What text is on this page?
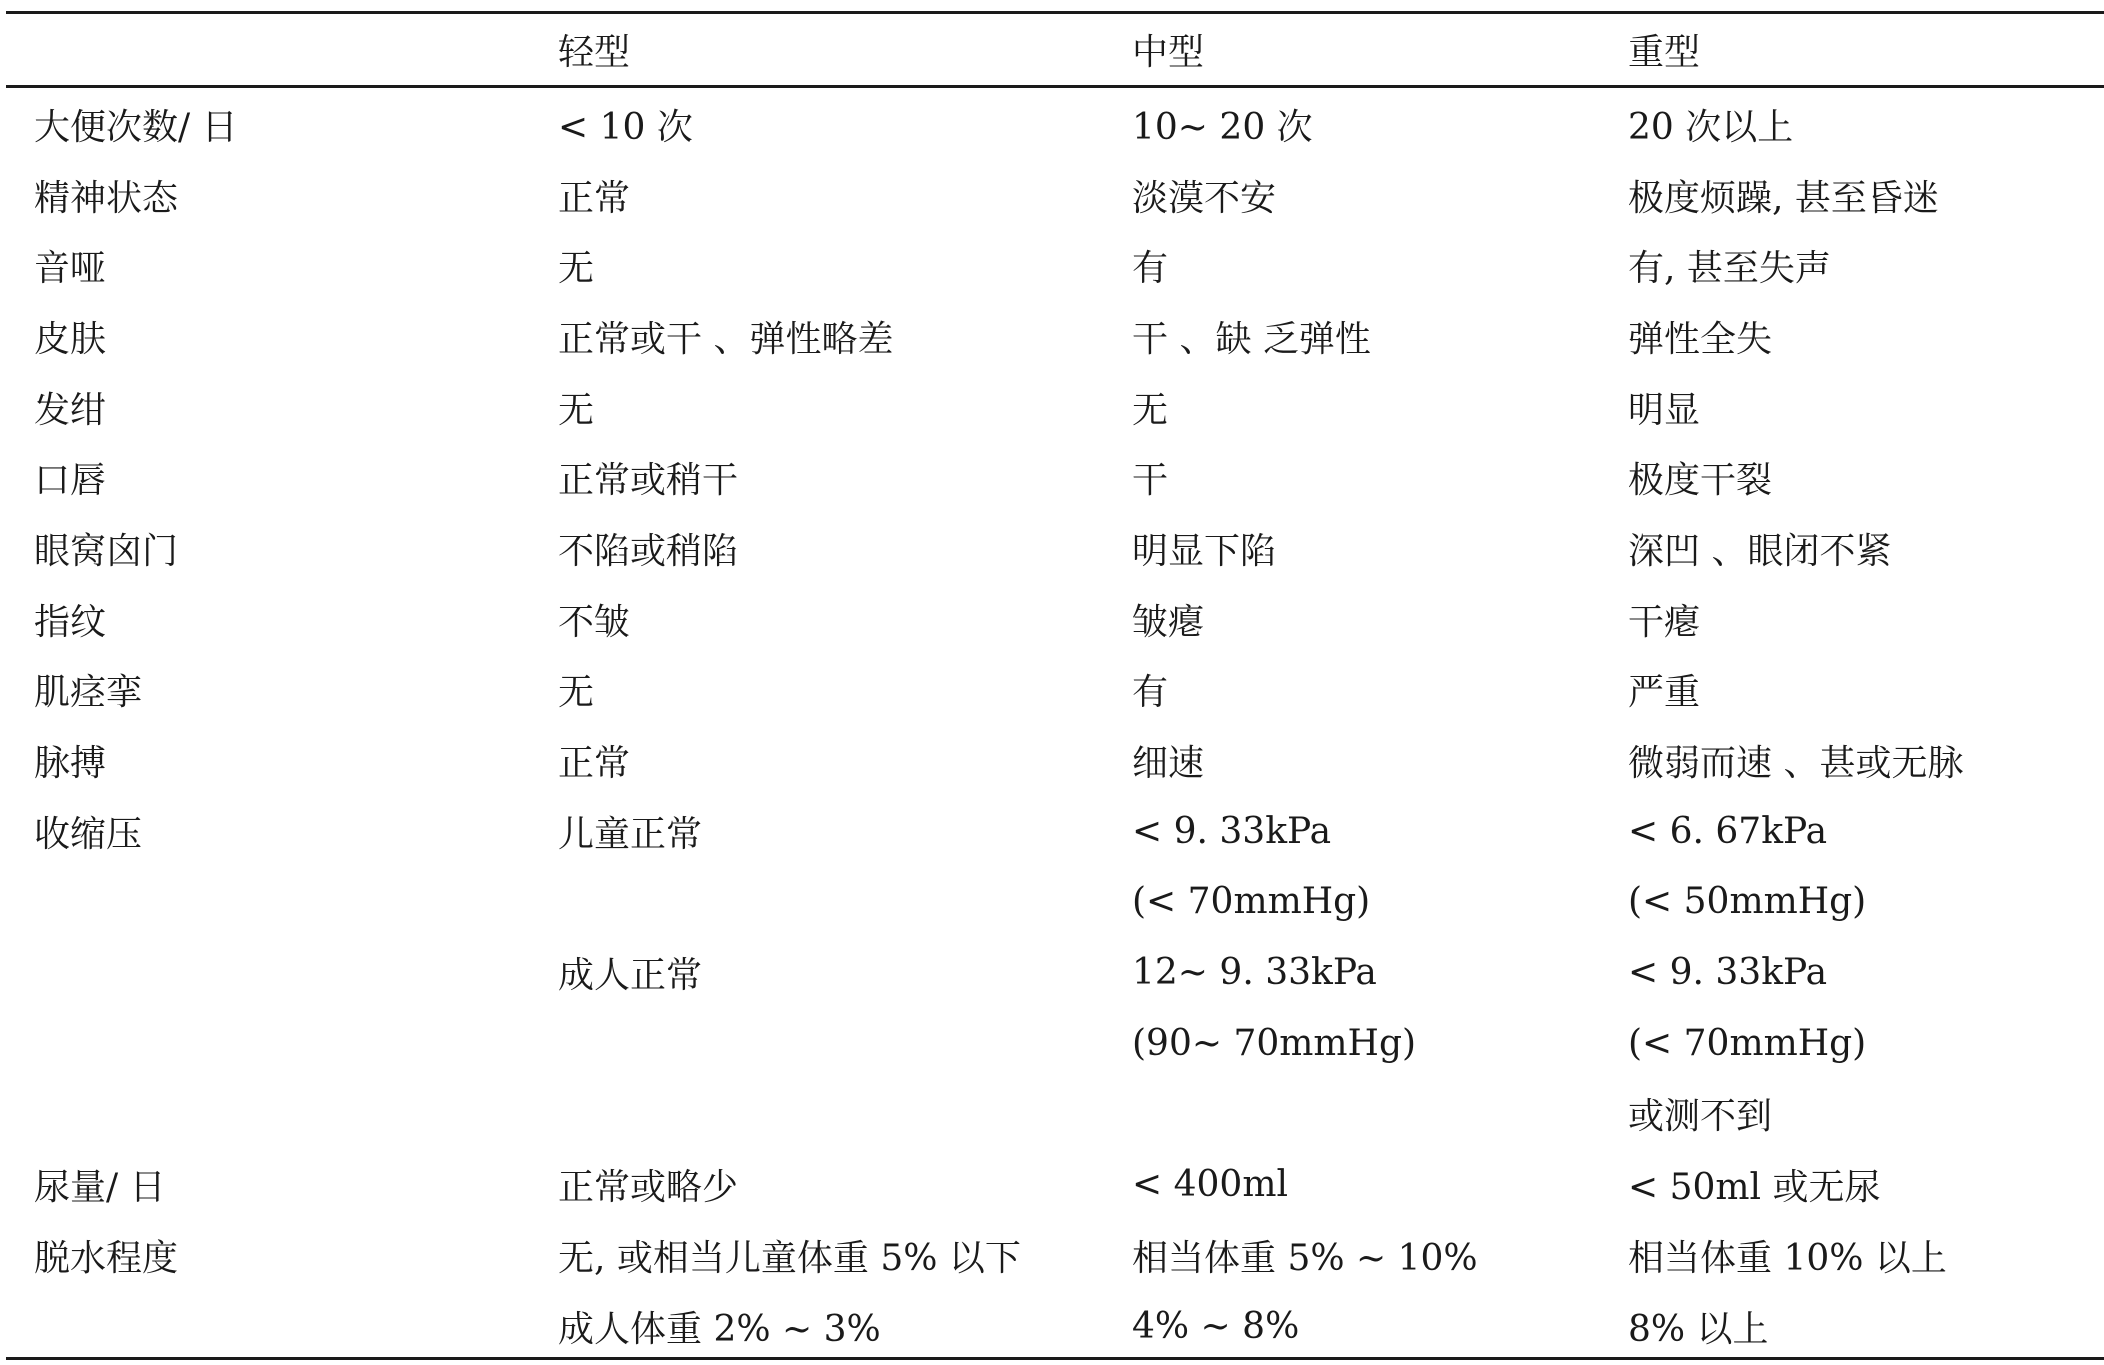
	轻型	中型	重型
大便次数/ 日	< 10 次	10~ 20 次	20 次以上
精神状态	正常	淡漠不安	极度烦躁, 甚至昏迷
音哑	无	有	有, 甚至失声
皮肤	正常或干 、弹性略差	干 、缺 乏弹性	弹性全失
发绀	无	无	明显
口唇	正常或稍干	干	极度干裂
眼窝囟门	不陷或稍陷	明显下陷	深凹 、眼闭不紧
指纹	不皱	皱瘪	干瘪
肌痉挛	无	有	严重
脉搏	正常	细速	微弱而速 、甚或无脉
收缩压	儿童正常	< 9. 33kPa	< 6. 67kPa
		(< 70mmHg)	(< 50mmHg)
	成人正常	12~ 9. 33kPa	< 9. 33kPa
		(90~ 70mmHg)	(< 70mmHg)
			或测不到
尿量/ 日	正常或略少	< 400ml	< 50ml 或无尿
脱水程度	无, 或相当儿童体重 5% 以下	相当体重 5% ~ 10%	相当体重 10% 以上
	成人体重 2% ~ 3%	4% ~ 8%	8% 以上
